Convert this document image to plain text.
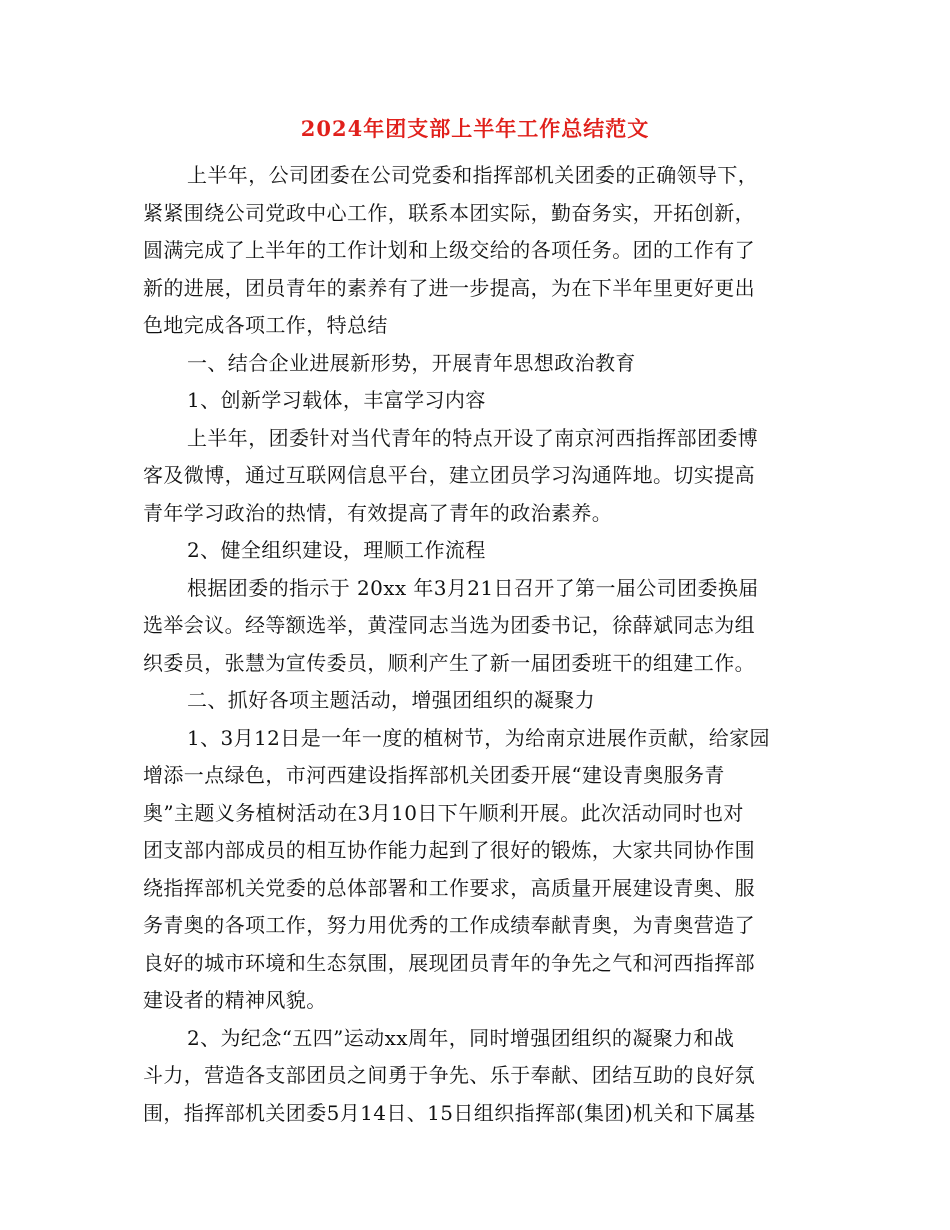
2024年团支部上半年工作总结范文
上半年，公司团委在公司党委和指挥部机关团委的正确领导下，
紧紧围绕公司党政中心工作，联系本团实际，勤奋务实，开拓创新，
圆满完成了上半年的工作计划和上级交给的各项任务。团的工作有了
新的进展，团员青年的素养有了进一步提高，为在下半年里更好更出
色地完成各项工作，特总结
一、结合企业进展新形势，开展青年思想政治教育
1、创新学习载体，丰富学习内容
上半年，团委针对当代青年的特点开设了南京河西指挥部团委博
客及微博，通过互联网信息平台，建立团员学习沟通阵地。切实提高
青年学习政治的热情，有效提高了青年的政治素养。
2、健全组织建设，理顺工作流程
根据团委的指示于 20xx 年3月21日召开了第一届公司团委换届
选举会议。经等额选举，黄滢同志当选为团委书记，徐薛斌同志为组
织委员，张慧为宣传委员，顺利产生了新一届团委班干的组建工作。
二、抓好各项主题活动，增强团组织的凝聚力
1、3月12日是一年一度的植树节，为给南京进展作贡献，给家园
增添一点绿色，市河西建设指挥部机关团委开展“建设青奥服务青
奥”主题义务植树活动在3月10日下午顺利开展。此次活动同时也对
团支部内部成员的相互协作能力起到了很好的锻炼，大家共同协作围
绕指挥部机关党委的总体部署和工作要求，高质量开展建设青奥、服
务青奥的各项工作，努力用优秀的工作成绩奉献青奥，为青奥营造了
良好的城市环境和生态氛围，展现团员青年的争先之气和河西指挥部
建设者的精神风貌。
2、为纪念“五四”运动xx周年，同时增强团组织的凝聚力和战
斗力，营造各支部团员之间勇于争先、乐于奉献、团结互助的良好氛
围，指挥部机关团委5月14日、15日组织指挥部(集团)机关和下属基
